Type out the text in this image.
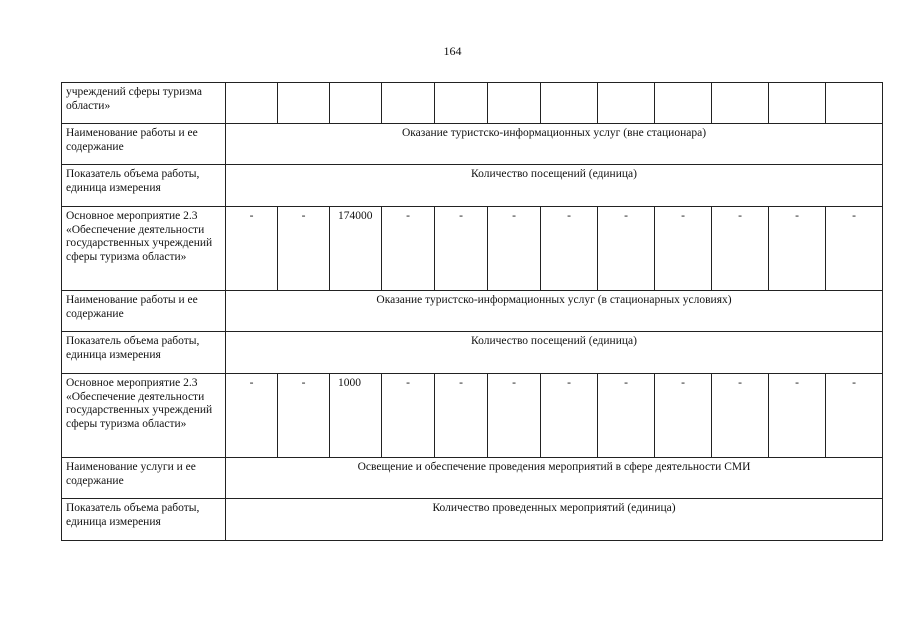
164
учреждений сферы туризма области»												
Наименование работы и ее содержание	Оказание туристско-информационных услуг (вне стационара)											
Показатель объема работы, единица измерения	Количество посещений (единица)											
Основное мероприятие 2.3 «Обеспечение деятельности государственных учреждений сферы туризма области»	-	-	174000	-	-	-	-	-	-	-	-	-
Наименование работы и ее содержание	Оказание туристско-информационных услуг (в стационарных условиях)											
Показатель объема работы, единица измерения	Количество посещений (единица)											
Основное мероприятие 2.3 «Обеспечение деятельности государственных учреждений сферы туризма области»	-	-	1000	-	-	-	-	-	-	-	-	-
Наименование услуги и ее содержание	Освещение и обеспечение проведения мероприятий в сфере деятельности СМИ											
Показатель объема работы, единица измерения	Количество проведенных мероприятий (единица)											
